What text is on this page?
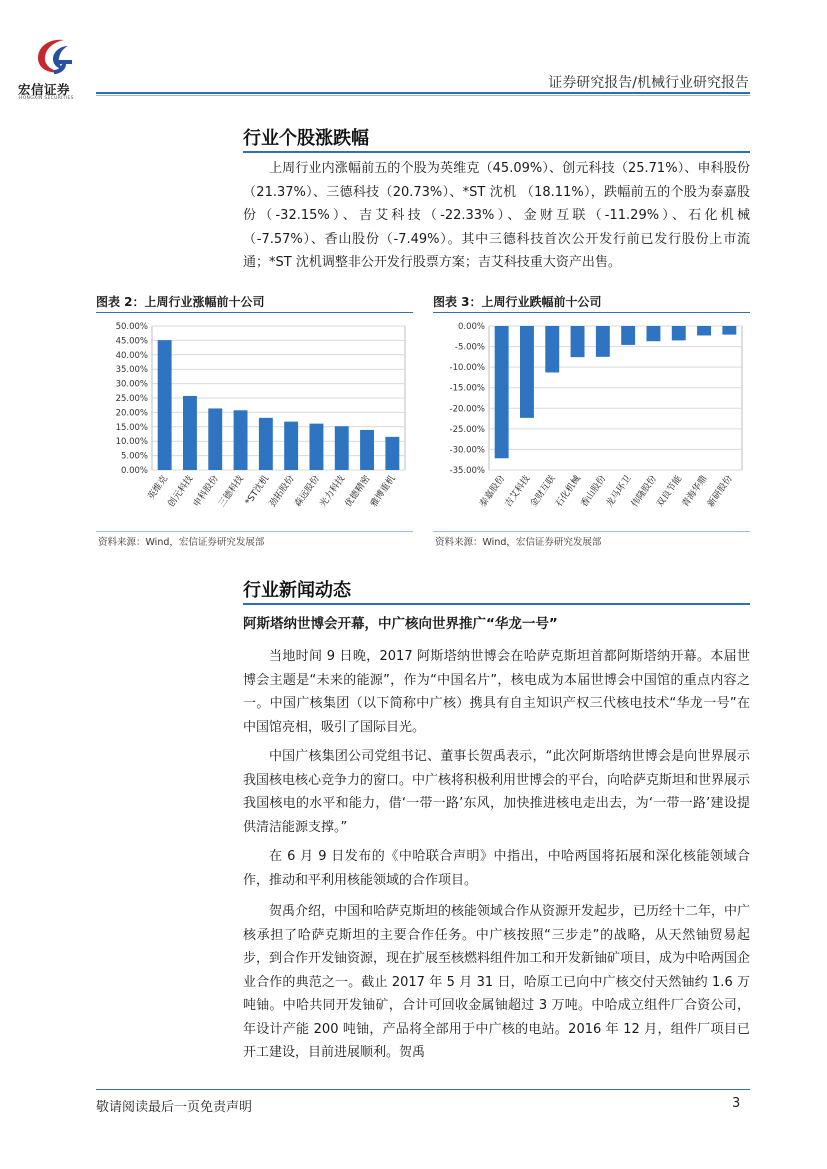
宏信证券
HONGXIN SECURITIES
证券研究报告/机械行业研究报告
行业个股涨跌幅

上周行业内涨幅前五的个股为英维克（45.09%）、创元科技（25.71%）、申科股份（21.37%）、三德科技（20.73%）、*ST 沈机 （18.11%），跌幅前五的个股为泰嘉股份（-32.15%）、吉艾科技（-22.33%）、金财互联（-11.29%）、石化机械（-7.57%）、香山股份（-7.49%）。其中三德科技首次公开发行前已发行股份上市流通；*ST 沈机调整非公开发行股票方案；吉艾科技重大资产出售。

图表 2：上周行业涨幅前十公司
0.00%
5.00%
10.00%
15.00%
20.00%
25.00%
30.00%
35.00%
40.00%
45.00%
50.00%
英维克
创元科技
申科股份
三德科技
*ST沈机
劲拓股份
森远股份
光力科技
优德精密
雅博重机
资料来源：Wind，宏信证券研究发展部
图表 3：上周行业跌幅前十公司
-35.00%
-30.00%
-25.00%
-20.00%
-15.00%
-10.00%
-5.00%
0.00%
泰嘉股份
吉艾科技
金财互联
石化机械
香山股份
龙马环卫
伟隆股份
双良节能
青海华鼎
新研股份
资料来源：Wind，宏信证券研究发展部
行业新闻动态
阿斯塔纳世博会开幕，中广核向世界推广“华龙一号”

当地时间 9 日晚，2017 阿斯塔纳世博会在哈萨克斯坦首都阿斯塔纳开幕。本届世博会主题是“未来的能源”，作为“中国名片”，核电成为本届世博会中国馆的重点内容之一。中国广核集团（以下简称中广核）携具有自主知识产权三代核电技术“华龙一号”在中国馆亮相，吸引了国际目光。

中国广核集团公司党组书记、董事长贺禹表示，“此次阿斯塔纳世博会是向世界展示我国核电核心竞争力的窗口。中广核将积极利用世博会的平台，向哈萨克斯坦和世界展示我国核电的水平和能力，借‘一带一路’东风，加快推进核电走出去，为‘一带一路’建设提供清洁能源支撑。”

在 6 月 9 日发布的《中哈联合声明》中指出，中哈两国将拓展和深化核能领域合作，推动和平利用核能领域的合作项目。

贺禹介绍，中国和哈萨克斯坦的核能领域合作从资源开发起步，已历经十二年，中广核承担了哈萨克斯坦的主要合作任务。中广核按照“三步走”的战略，从天然铀贸易起步，到合作开发铀资源，现在扩展至核燃料组件加工和开发新铀矿项目，成为中哈两国企业合作的典范之一。截止 2017 年 5 月 31 日，哈原工已向中广核交付天然铀约 1.6 万吨铀。中哈共同开发铀矿，合计可回收金属铀超过 3 万吨。中哈成立组件厂合资公司，年设计产能 200 吨铀，产品将全部用于中广核的电站。2016 年 12 月，组件厂项目已开工建设，目前进展顺利。贺禹

敬请阅读最后一页免责声明	3
